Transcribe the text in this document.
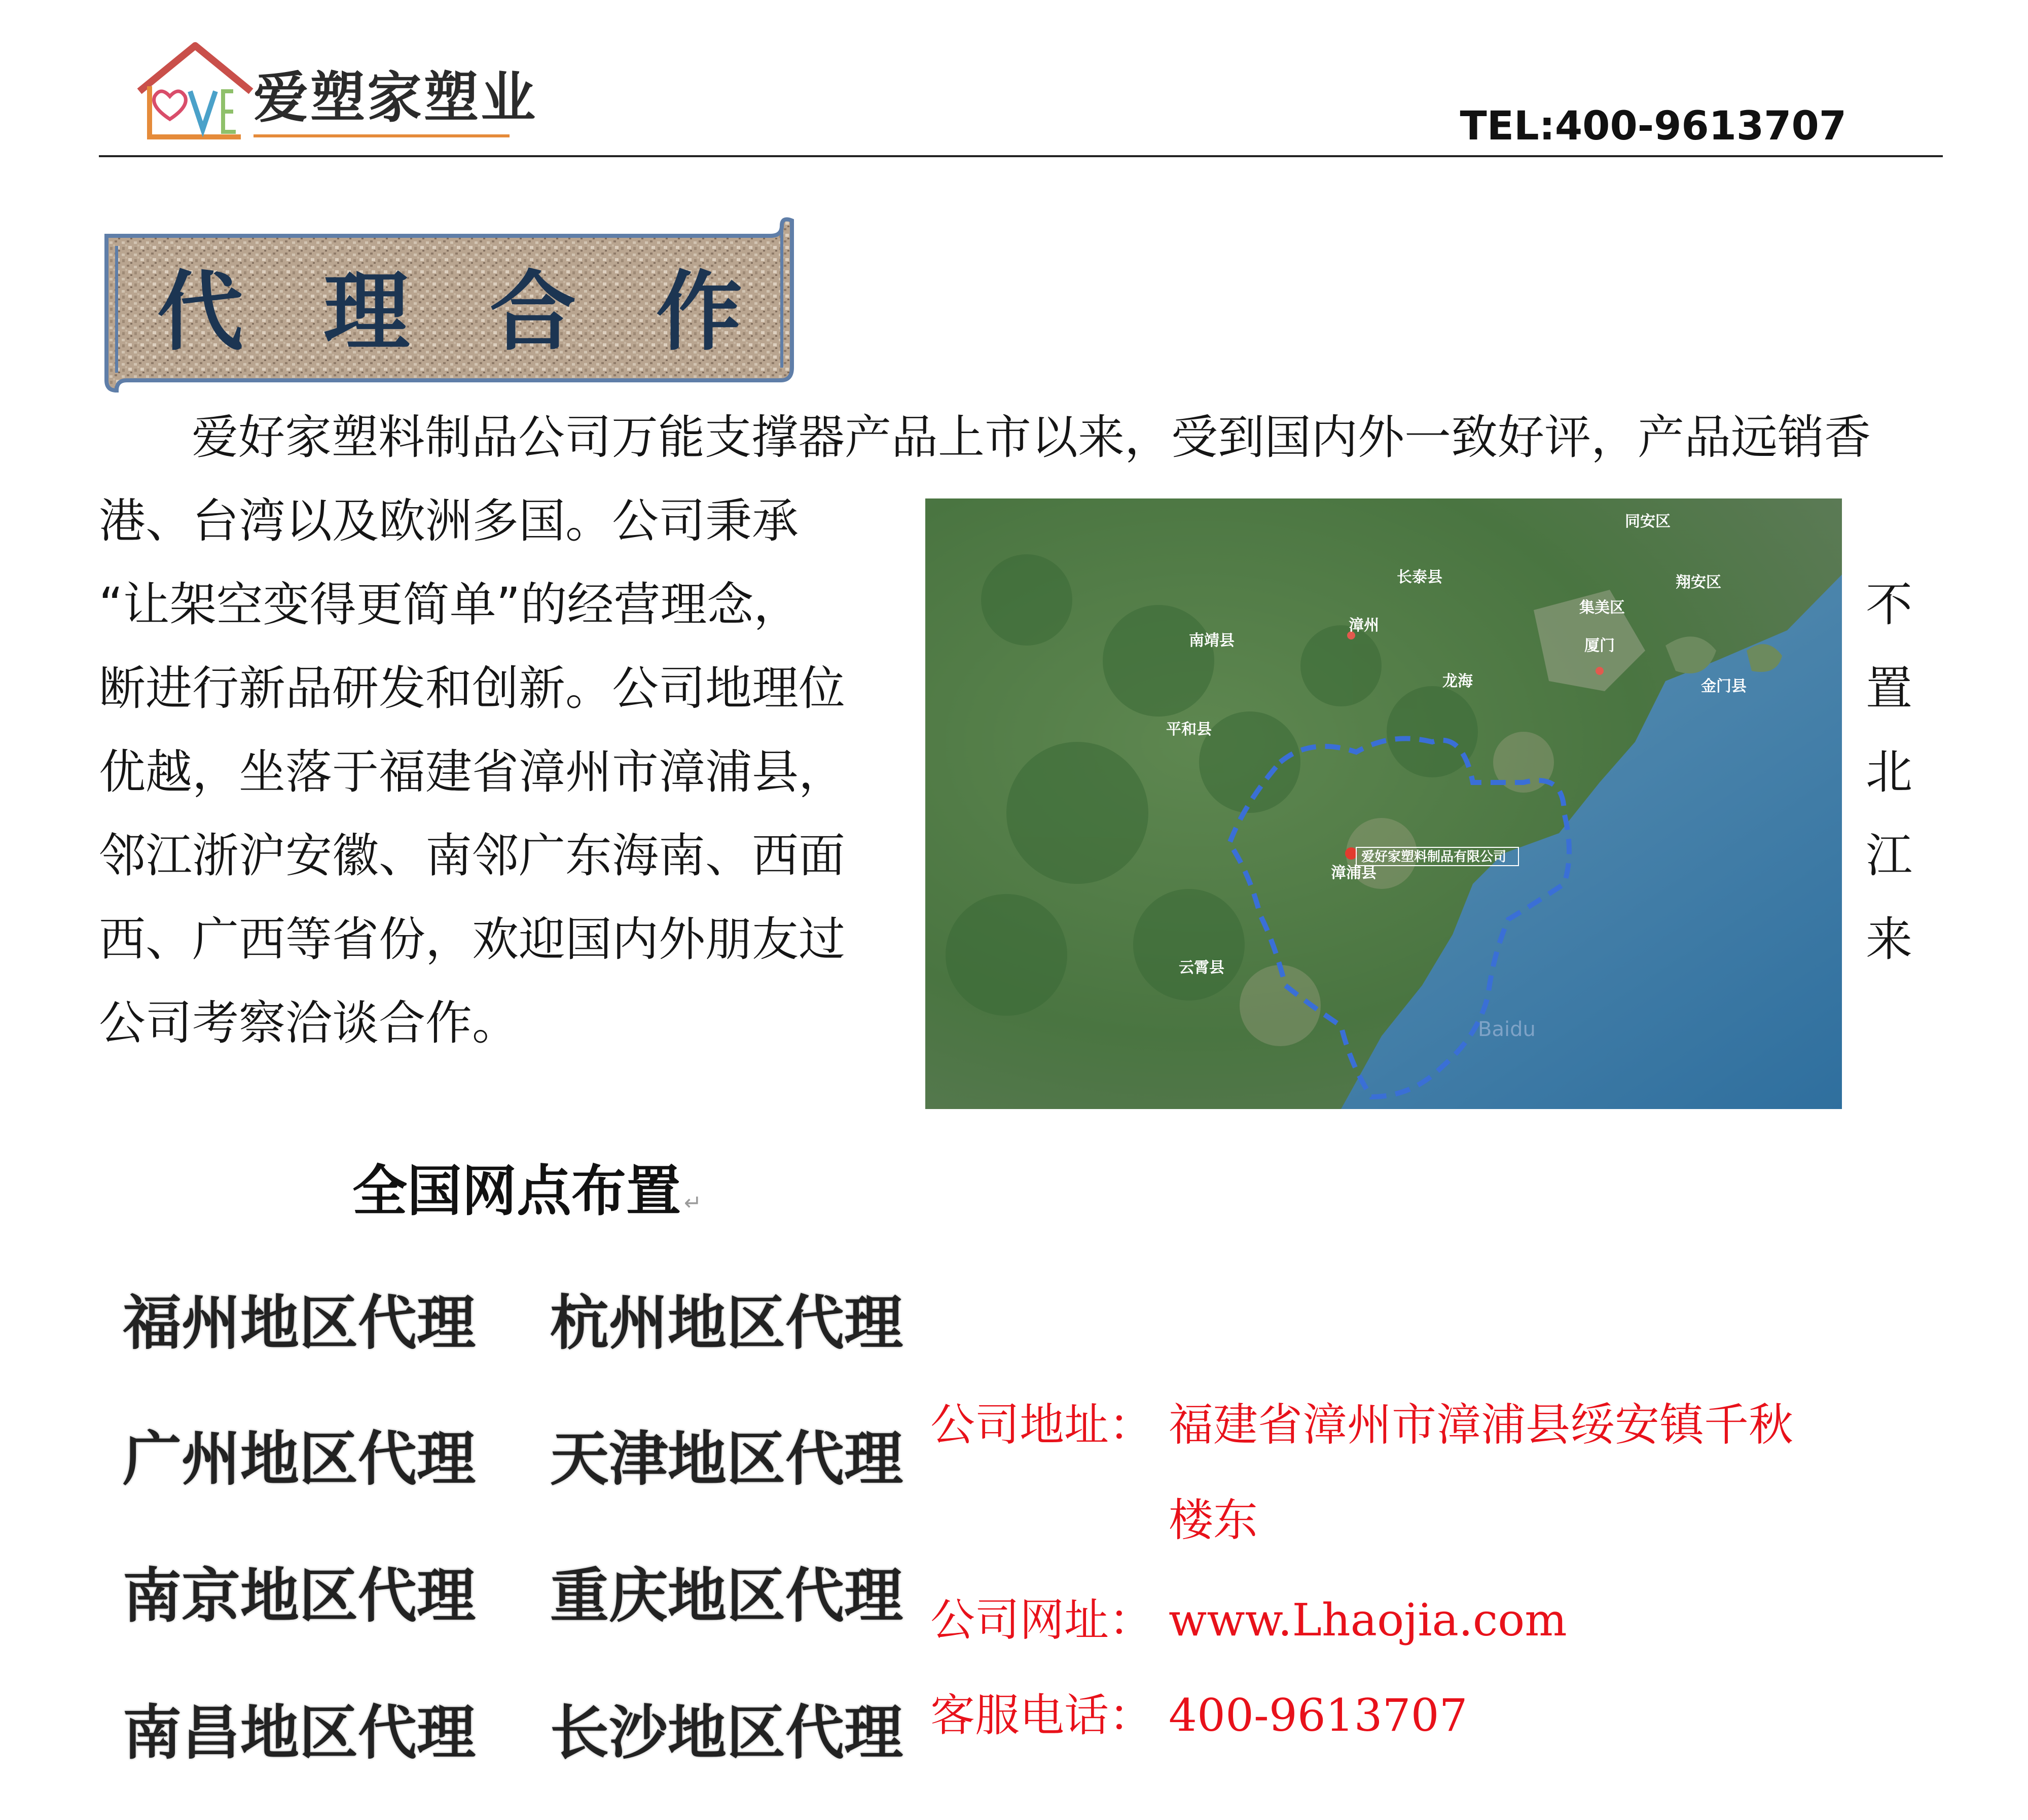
爱塑家塑业	TEL:400-9613707
代理合作
爱好家塑料制品公司万能支撑器产品上市以来，受到国内外一致好评，产品远销香
港、台湾以及欧洲多国。公司秉承
“让架空变得更简单”的经营理念，
断进行新品研发和创新。公司地理位
优越，坐落于福建省漳州市漳浦县，
邻江浙沪安徽、南邻广东海南、西面
西、广西等省份，欢迎国内外朋友过
公司考察洽谈合作。
不
置
北
江
来
同安区
长泰县	翔安区
漳州
集美区
南靖县	厦门
龙海	金门县
平和县
爱好家塑料制品有限公司
漳浦县
云霄县
Baidu
全国网点布置 ↵
福州地区代理 杭州地区代理
广州地区代理 天津地区代理
南京地区代理 重庆地区代理
南昌地区代理 长沙地区代理
公司地址： 福建省漳州市漳浦县绥安镇千秋
楼东
公司网址： www.Lhaojia.com
客服电话： 400-9613707
